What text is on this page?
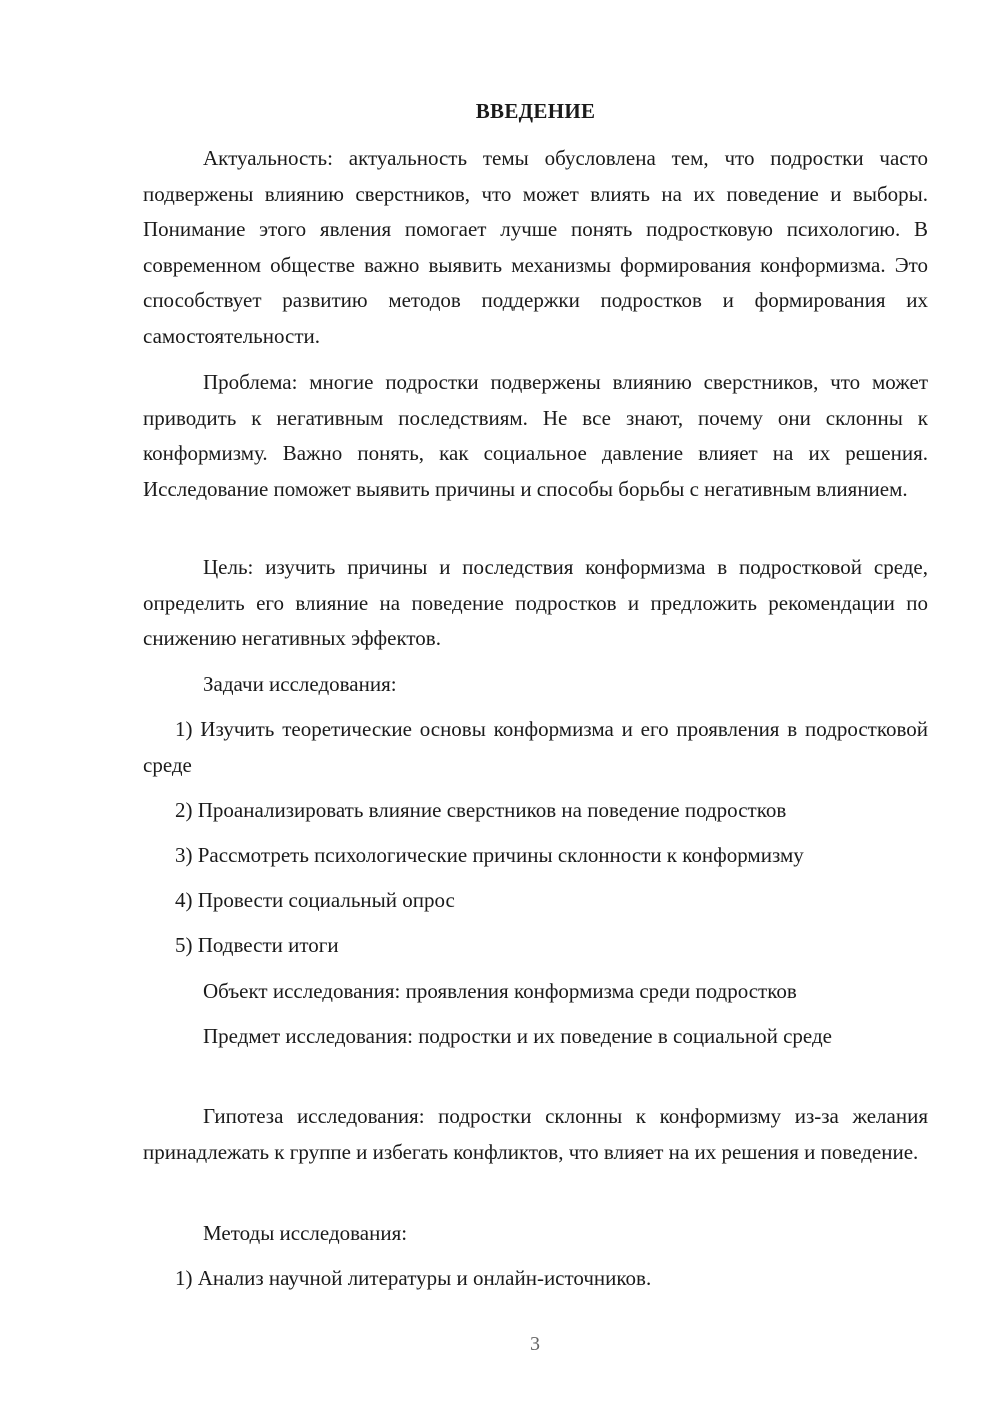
ВВЕДЕНИЕ

Актуальность: актуальность темы обусловлена тем, что подростки часто подвержены влиянию сверстников, что может влиять на их поведение и выборы. Понимание этого явления помогает лучше понять подростковую психологию. В современном обществе важно выявить механизмы формирования конформизма. Это способствует развитию методов поддержки подростков и формирования их самостоятельности.

Проблема: многие подростки подвержены влиянию сверстников, что может приводить к негативным последствиям. Не все знают, почему они склонны к конформизму. Важно понять, как социальное давление влияет на их решения. Исследование поможет выявить причины и способы борьбы с негативным влиянием.

Цель: изучить причины и последствия конформизма в подростковой среде, определить его влияние на поведение подростков и предложить рекомендации по снижению негативных эффектов.

Задачи исследования:

1) Изучить теоретические основы конформизма и его проявления в подростковой среде

2) Проанализировать влияние сверстников на поведение подростков

3) Рассмотреть психологические причины склонности к конформизму

4) Провести социальный опрос

5) Подвести итоги

Объект исследования: проявления конформизма среди подростков

Предмет исследования: подростки и их поведение в социальной среде

Гипотеза исследования: подростки склонны к конформизму из-за желания принадлежать к группе и избегать конфликтов, что влияет на их решения и поведение.

Методы исследования:

1) Анализ научной литературы и онлайн-источников.

3
